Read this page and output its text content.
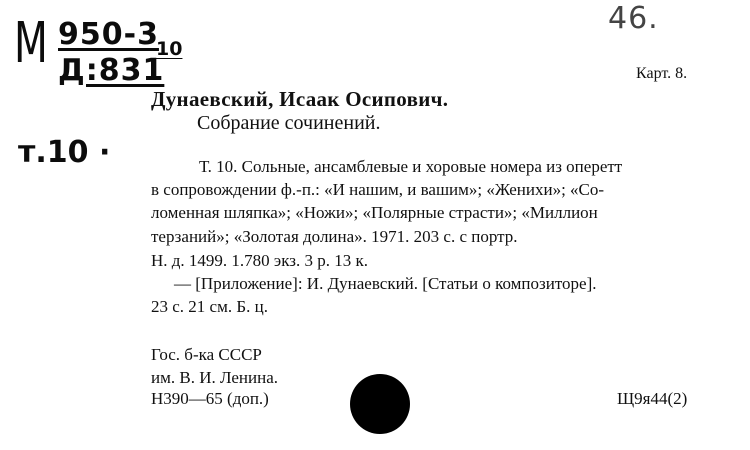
М 950-3
Д:831
10
46.
т.10 ·
Карт. 8.
Дунаевский, Исаак Осипович.
Собрание сочинений.
Т. 10. Сольные, ансамблевые и хоровые номера из оперетт
в сопровождении ф.-п.: «И нашим, и вашим»; «Женихи»; «Со-
ломенная шляпка»; «Ножи»; «Полярные страсти»; «Миллион
терзаний»; «Золотая долина». 1971. 203 с. с портр.
Н. д. 1499. 1.780 экз. 3 р. 13 к.
— [Приложение]: И. Дунаевский. [Статьи о композиторе].
23 с. 21 см. Б. ц.
Гос. б-ка СССР
им. В. И. Ленина.
Н390—65 (доп.)	Щ9я44(2)
